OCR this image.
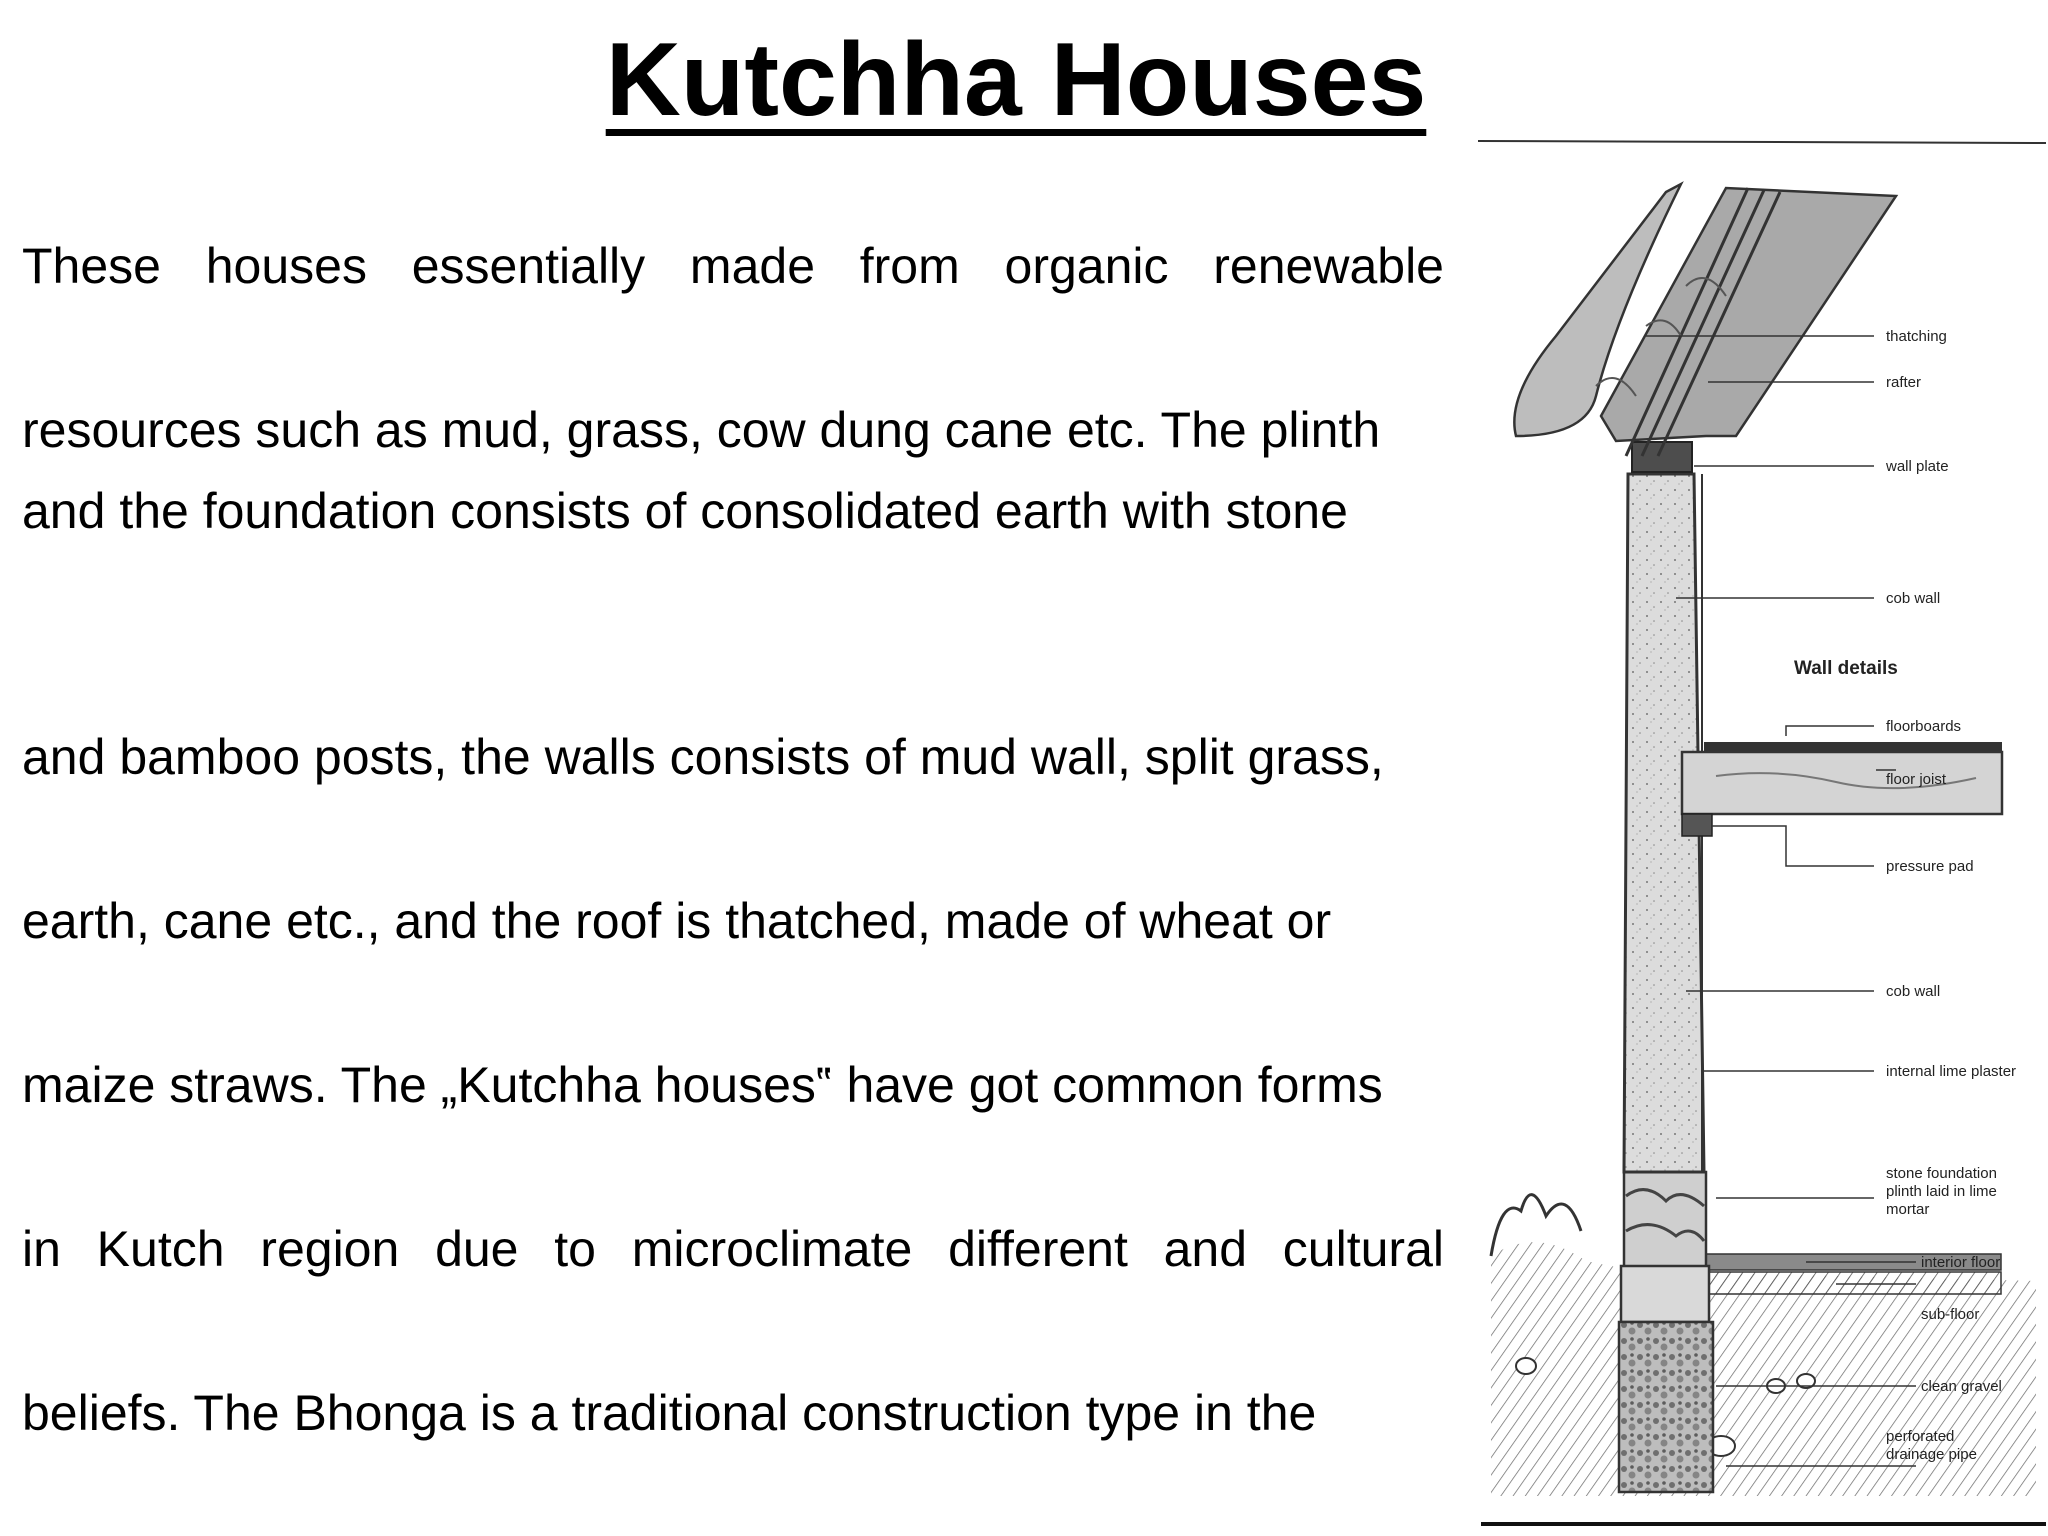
Kutchha Houses
These houses essentially made from organic renewable
resources such as mud, grass, cow dung cane etc. The plinth
and the foundation consists of consolidated earth with stone
and bamboo posts, the walls consists of mud wall, split grass,
earth, cane etc., and the roof is thatched, made of wheat or
maize straws. The „Kutchha houses‟ have got common forms
in Kutch region due to microclimate different and cultural
beliefs. The Bhonga is a traditional construction type in the
thatching
rafter
wall plate
cob wall
Wall details
floorboards
floor joist
pressure pad
cob wall
internal lime plaster
stone foundation
plinth laid in lime
mortar
interior floor
sub-floor
clean gravel
perforated
drainage pipe
